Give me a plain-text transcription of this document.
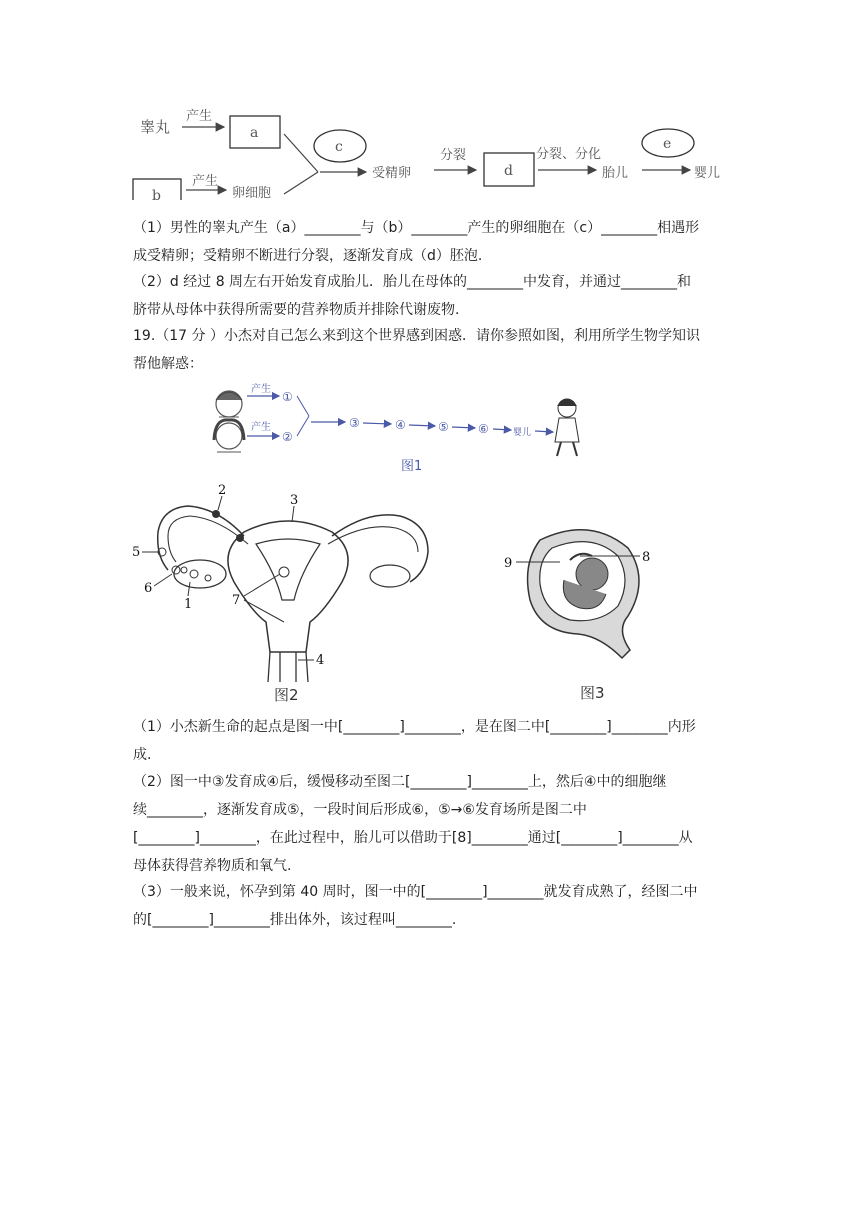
睾丸
产生
a
b
产生
卵细胞
c
受精卵
分裂
d
分裂、分化
胎儿
e
婴儿
（1）男性的睾丸产生（a）________与（b）________产生的卵细胞在（c）________相遇形
成受精卵；受精卵不断进行分裂，逐渐发育成（d）胚泡.
（2）d 经过 8 周左右开始发育成胎儿．胎儿在母体的________中发育，并通过________和
脐带从母体中获得所需要的营养物质并排除代谢废物.
19.（17 分 ）小杰对自己怎么来到这个世界感到困惑．请你参照如图，利用所学生物学知识
帮他解惑：
产生
①
产生
②
③	④	⑤ ⑥	婴儿
图1
1
2
3
4
5
6
7
图2
8
9
图3
（1）小杰新生命的起点是图一中[________]________，是在图二中[________]________内形
成.
（2）图一中③发育成④后，缓慢移动至图二[________]________上，然后④中的细胞继
续________，逐渐发育成⑤，一段时间后形成⑥，⑤→⑥发育场所是图二中
[________]________，在此过程中，胎儿可以借助于[8]________通过[________]________从
母体获得营养物质和氧气.
（3）一般来说，怀孕到第 40 周时，图一中的[________]________就发育成熟了，经图二中
的[________]________排出体外，该过程叫________.
